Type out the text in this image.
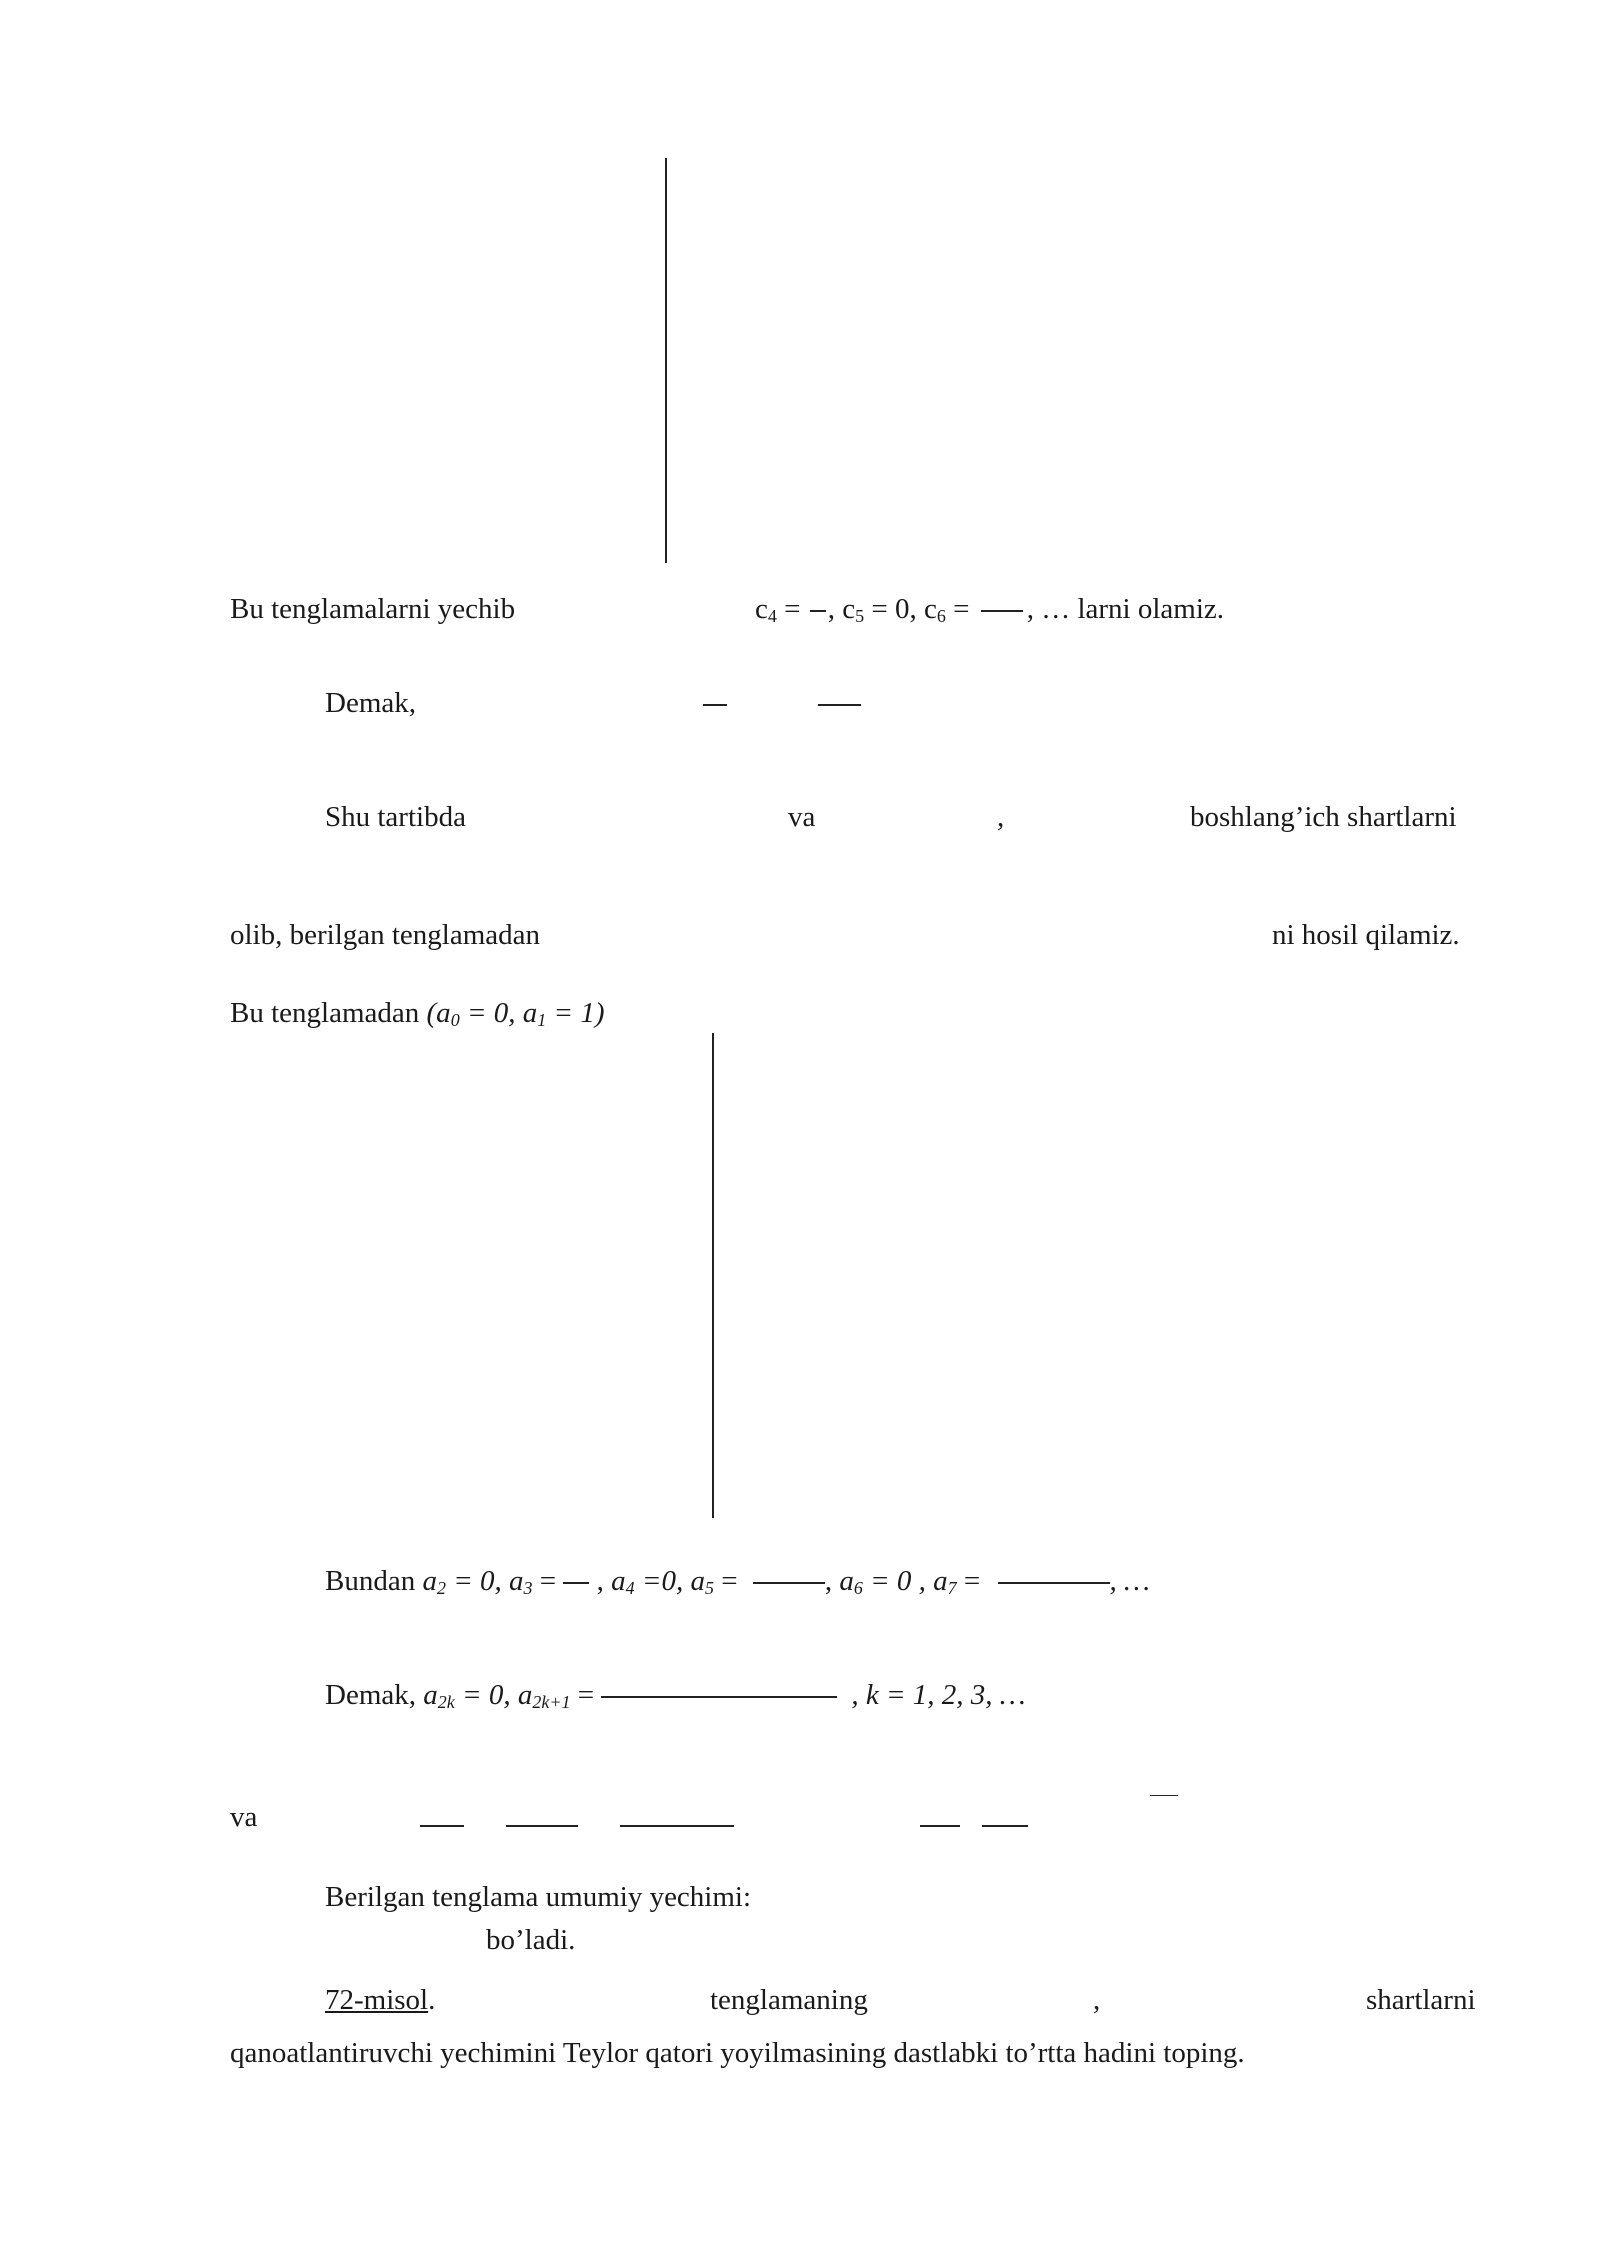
Bu tenglamalarni yechib	$c_4$ = , $c_5 = 0$, $c_6$ = , … larni olamiz.
Demak,
Shu tartibda	va	,	boshlang’ich shartlarni
olib, berilgan tenglamadan	ni hosil qilamiz.
Bu tenglamadan ($a_0 = 0$, $a_1 = 1$)
Bundan $a_2 = 0$, $a_3$ =  , $a_4 =0$, $a_5$ =	, $a_6 = 0$ , $a_7$ =	, …
Demak, $a_{2k} = 0$, $a_{2k+1}$ =	, k = 1, 2, 3, …
va
Berilgan tenglama umumiy yechimi:
bo’ladi.
72-misol.	tenglamaning	,	shartlarni
qanoatlantiruvchi yechimini Teylor qatori yoyilmasining dastlabki to’rtta hadini toping.
